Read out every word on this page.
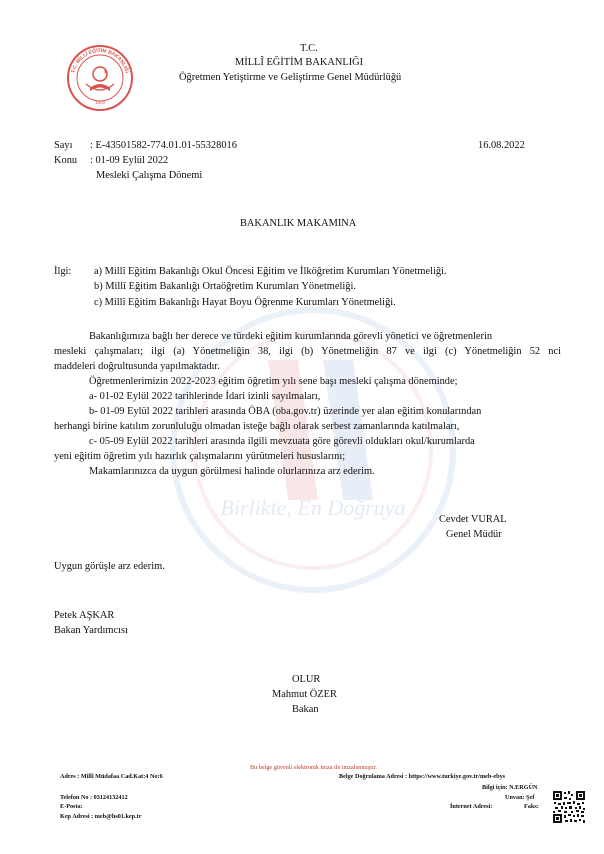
Birlikte, En Doğruya
T.C. MİLLÎ EĞİTİM BAKANLIĞI
1920
T.C.
MİLLÎ EĞİTİM BAKANLIĞI
Öğretmen Yetiştirme ve Geliştirme Genel Müdürlüğü
Sayı : E-43501582-774.01.01-55328016	16.08.2022
Konu : 01-09 Eylül 2022
Mesleki Çalışma Dönemi
BAKANLIK MAKAMINA
İlgi: a) Millî Eğitim Bakanlığı Okul Öncesi Eğitim ve İlköğretim Kurumları Yönetmeliği.
b) Millî Eğitim Bakanlığı Ortaöğretim Kurumları Yönetmeliği.
c) Millî Eğitim Bakanlığı Hayat Boyu Öğrenme Kurumları Yönetmeliği.
Bakanlığımıza bağlı her derece ve türdeki eğitim kurumlarında görevli yönetici ve öğretmenlerin
mesleki çalışmaları; ilgi (a) Yönetmeliğin 38, ilgi (b) Yönetmeliğin 87 ve ilgi (c) Yönetmeliğin 52 nci
maddeleri doğrultusunda yapılmaktadır.
Öğretmenlerimizin 2022-2023 eğitim öğretim yılı sene başı mesleki çalışma döneminde;
a- 01-02 Eylül 2022 tarihlerinde İdari izinli sayılmaları,
b- 01-09 Eylül 2022 tarihleri arasında ÖBA (oba.gov.tr) üzerinde yer alan eğitim konularından
herhangi birine katılım zorunluluğu olmadan isteğe bağlı olarak serbest zamanlarında katılmaları,
c- 05-09 Eylül 2022 tarihleri arasında ilgili mevzuata göre görevli oldukları okul/kurumlarda
yeni eğitim öğretim yılı hazırlık çalışmalarını yürütmeleri hususlarını;
Makamlarınızca da uygun görülmesi halinde olurlarınıza arz ederim.
Cevdet VURAL
Genel Müdür
Uygun görüşle arz ederim.
Petek AŞKAR
Bakan Yardımcısı
OLUR
Mahmut ÖZER
Bakan
Bu belge güvenli elektronik imza ile imzalanmıştır.
Adres : Millî Müdafaa Cad.Kat:4 No:6	Belge Doğrulama Adresi : https://www.turkiye.gov.tr/meb-ebys
Bilgi için: N.ERGÜN
Telefon No : 03124132412	Unvan: Şef
E-Posta:	İnternet Adresi:	Faks:
Kep Adresi : meb@hs01.kep.tr
